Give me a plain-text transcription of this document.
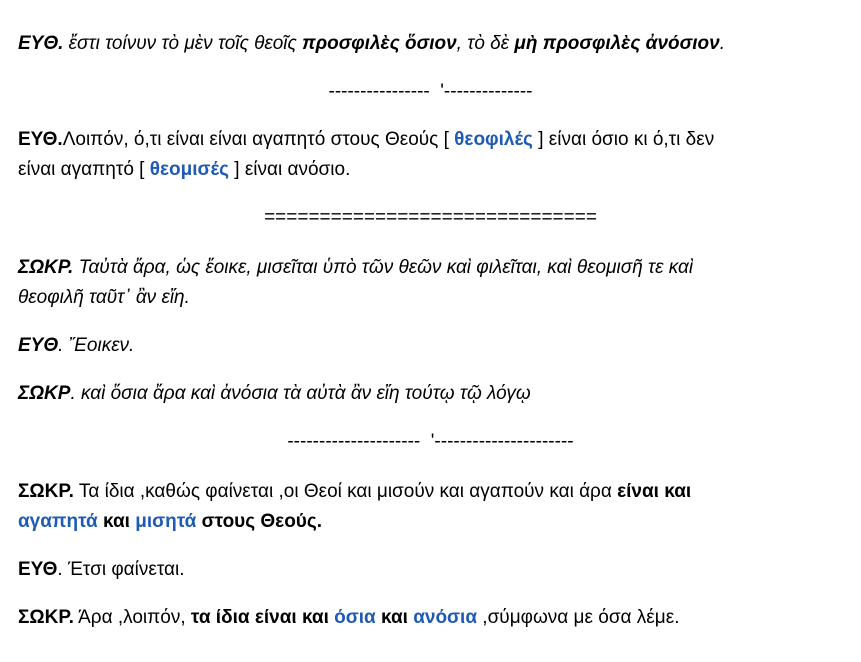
ΕΥΘ. ἔστι τοίνυν τὸ μὲν τοῖς θεοῖς προσφιλὲς ὅσιον, τὸ δὲ μὴ προσφιλὲς ἀνόσιον.
----------------  '--------------
ΕΥΘ.Λοιπόν, ό,τι είναι είναι αγαπητό στους Θεούς [ θεοφιλές ] είναι όσιο κι ό,τι δεν
είναι αγαπητό [ θεομισές ] είναι ανόσιο.
==============================
ΣΩΚΡ. Ταὐτὰ ἄρα, ὡς ἔοικε, μισεῖται ὑπὸ τῶν θεῶν καὶ φιλεῖται, καὶ θεομισῆ τε καὶ
θεοφιλῆ ταῦτ᾽ ἂν εἴη.
ΕΥΘ. Ἔοικεν.
ΣΩΚΡ. καὶ ὅσια ἄρα καὶ ἀνόσια τὰ αὐτὰ ἂν εἴη τούτῳ τῷ λόγῳ
---------------------  '----------------------
ΣΩΚΡ. Τα ίδια ,καθώς φαίνεται ,οι Θεοί και μισούν και αγαπούν και άρα είναι και
αγαπητά και μισητά στους Θεούς.
ΕΥΘ. Έτσι φαίνεται.
ΣΩΚΡ. Άρα ,λοιπόν, τα ίδια είναι και όσια και ανόσια ,σύμφωνα με όσα λέμε.
